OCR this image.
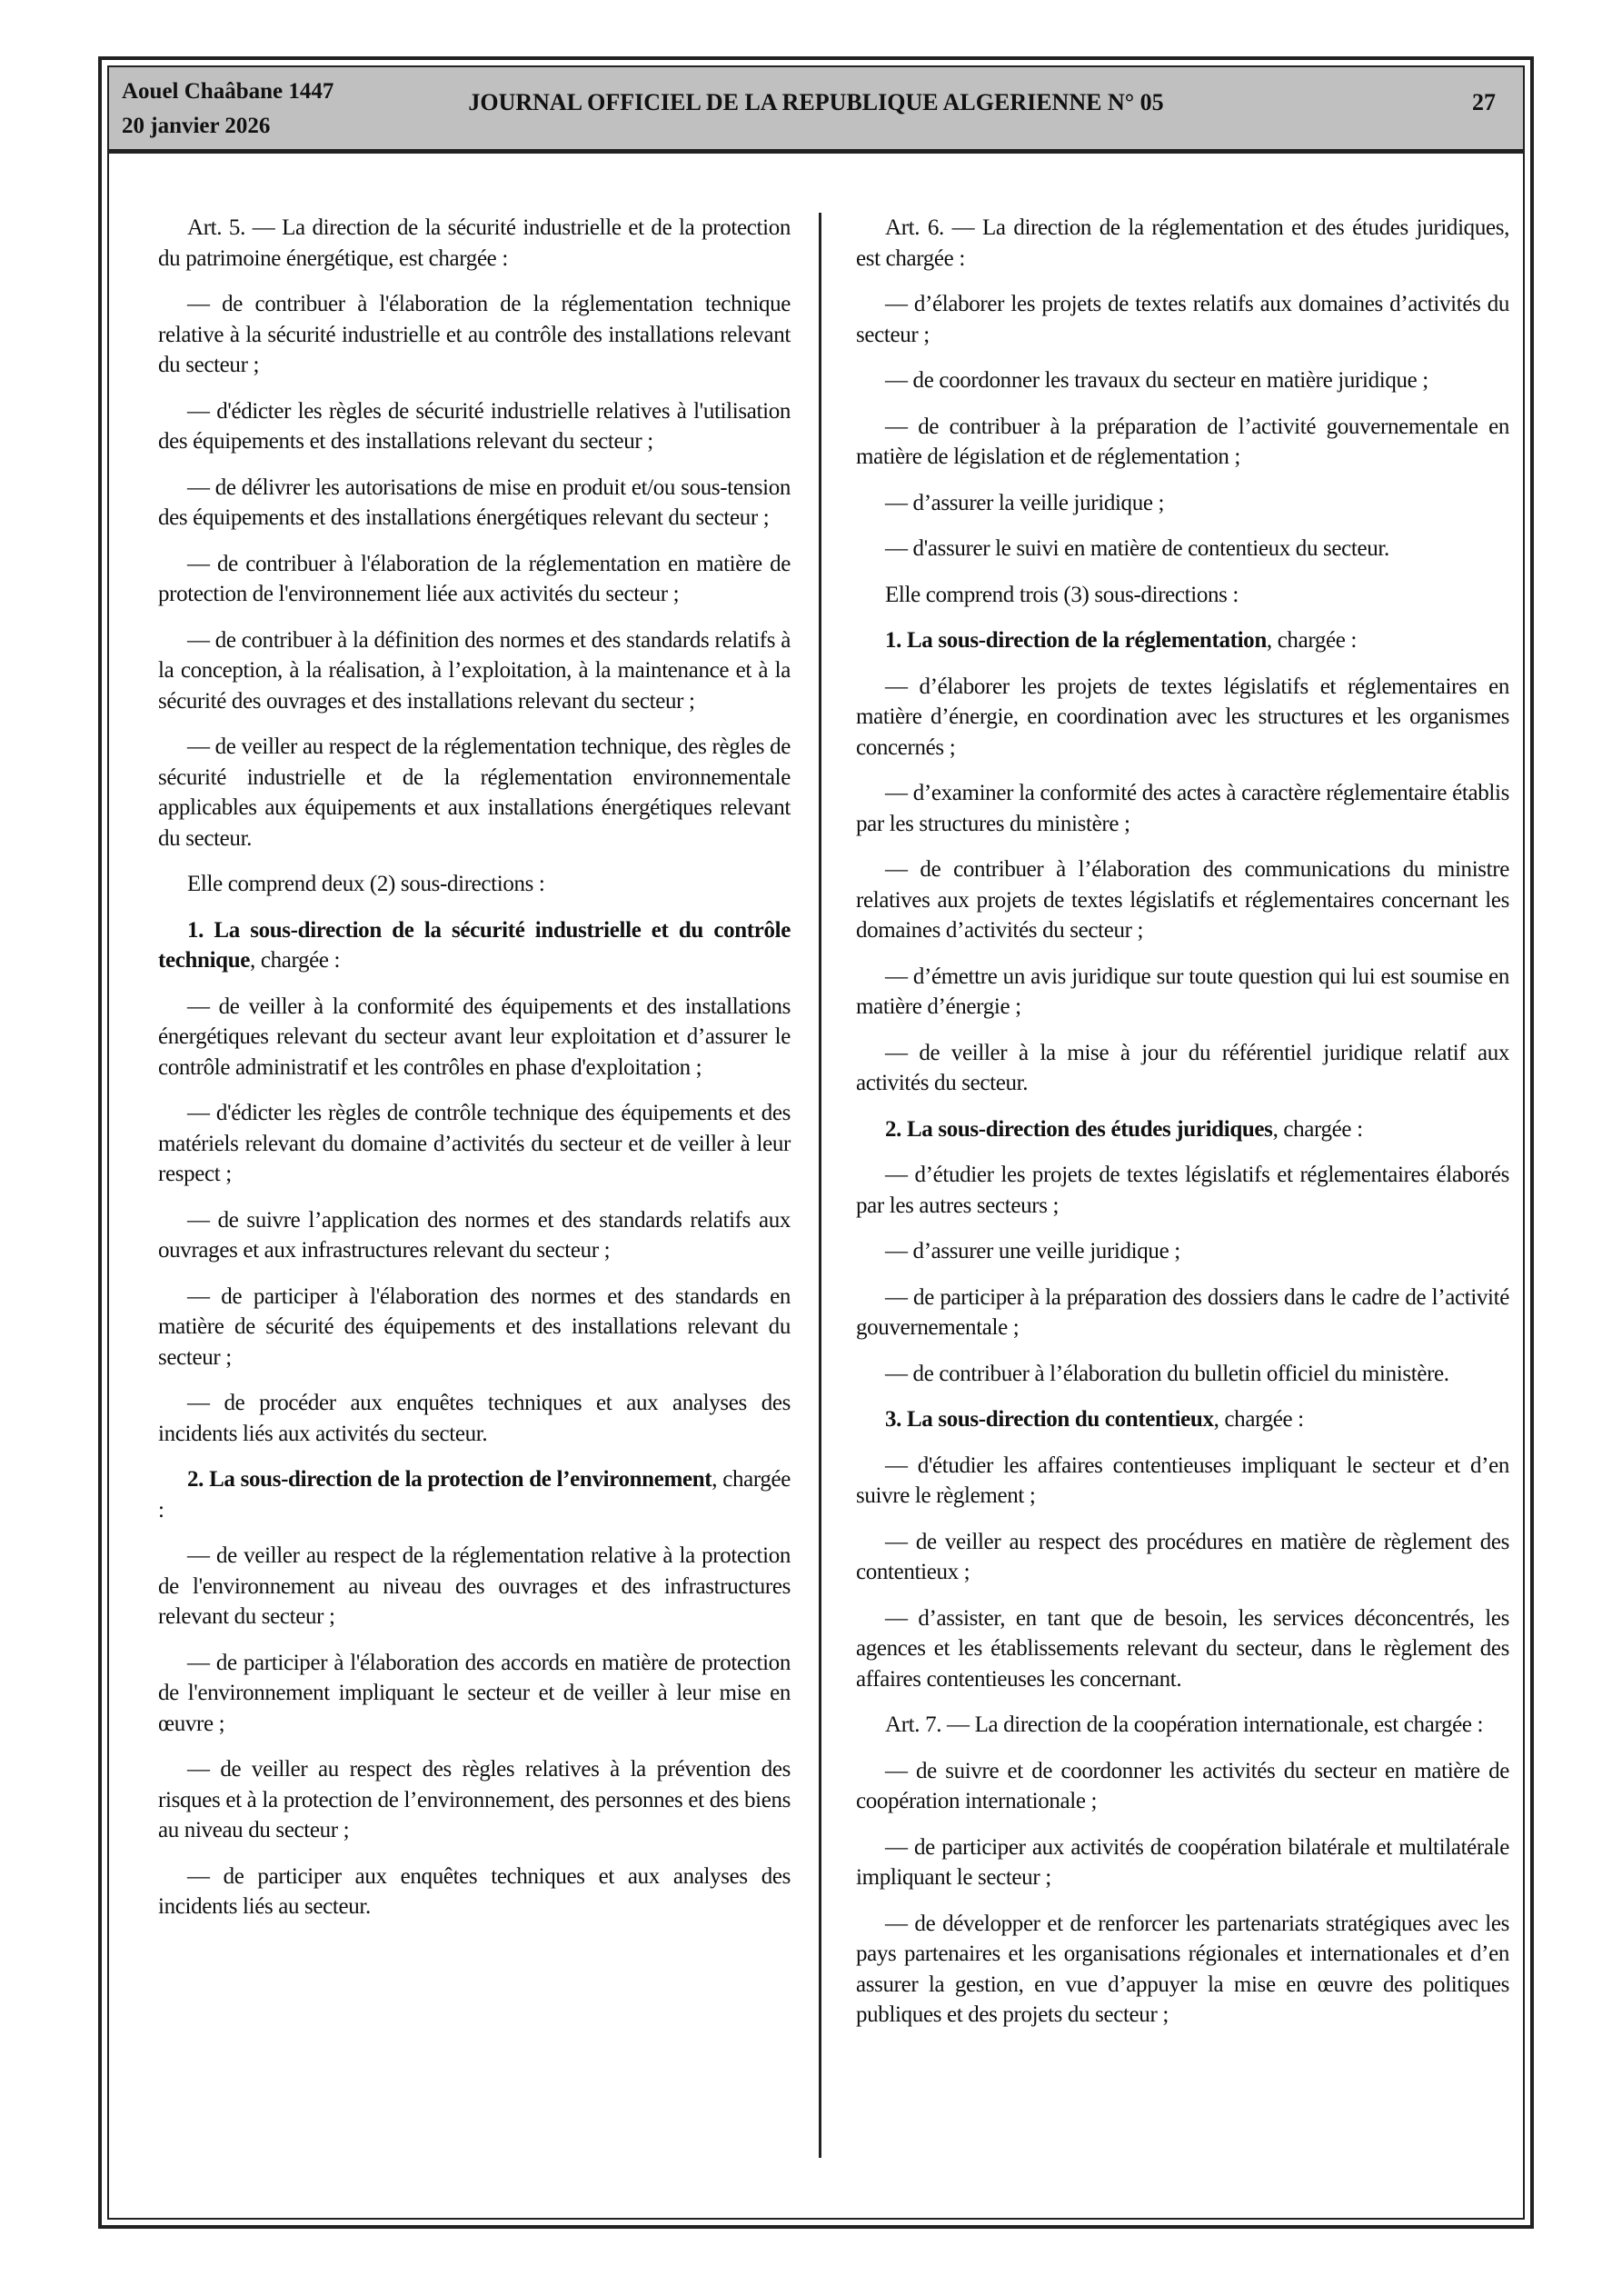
Aouel Chaâbane 1447
20 janvier 2026
JOURNAL OFFICIEL DE LA REPUBLIQUE ALGERIENNE N° 05	27

Art. 5. — La direction de la sécurité industrielle et de la protection du patrimoine énergétique, est chargée :

— de contribuer à l'élaboration de la réglementation technique relative à la sécurité industrielle et au contrôle des installations relevant du secteur ;

— d'édicter les règles de sécurité industrielle relatives à l'utilisation des équipements et des installations relevant du secteur ;

— de délivrer les autorisations de mise en produit et/ou sous-tension des équipements et des installations énergétiques relevant du secteur ;

— de contribuer à l'élaboration de la réglementation en matière de protection de l'environnement liée aux activités du secteur ;

— de contribuer à la définition des normes et des standards relatifs à la conception, à la réalisation, à l’exploitation, à la maintenance et à la sécurité des ouvrages et des installations relevant du secteur ;

— de veiller au respect de la réglementation technique, des règles de sécurité industrielle et de la réglementation environnementale applicables aux équipements et aux installations énergétiques relevant du secteur.

Elle comprend deux (2) sous-directions :

1. La sous-direction de la sécurité industrielle et du contrôle technique, chargée :

— de veiller à la conformité des équipements et des installations énergétiques relevant du secteur avant leur exploitation et d’assurer le contrôle administratif et les contrôles en phase d'exploitation ;

— d'édicter les règles de contrôle technique des équipements et des matériels relevant du domaine d’activités du secteur et de veiller à leur respect ;

— de suivre l’application des normes et des standards relatifs aux ouvrages et aux infrastructures relevant du secteur ;

— de participer à l'élaboration des normes et des standards en matière de sécurité des équipements et des installations relevant du secteur ;

— de procéder aux enquêtes techniques et aux analyses des incidents liés aux activités du secteur.

2. La sous-direction de la protection de l’environnement, chargée :

— de veiller au respect de la réglementation relative à la protection de l'environnement au niveau des ouvrages et des infrastructures relevant du secteur ;

— de participer à l'élaboration des accords en matière de protection de l'environnement impliquant le secteur et de veiller à leur mise en œuvre ;

— de veiller au respect des règles relatives à la prévention des risques et à la protection de l’environnement, des personnes et des biens au niveau du secteur ;

— de participer aux enquêtes techniques et aux analyses des incidents liés au secteur.

Art. 6. — La direction de la réglementation et des études juridiques, est chargée :

— d’élaborer les projets de textes relatifs aux domaines d’activités du secteur ;

— de coordonner les travaux du secteur en matière juridique ;

— de contribuer à la préparation de l’activité gouvernementale en matière de législation et de réglementation ;

— d’assurer la veille juridique ;

— d'assurer le suivi en matière de contentieux du secteur.

Elle comprend trois (3) sous-directions :

1. La sous-direction de la réglementation, chargée :

— d’élaborer les projets de textes législatifs et réglementaires en matière d’énergie, en coordination avec les structures et les organismes concernés ;

— d’examiner la conformité des actes à caractère réglementaire établis par les structures du ministère ;

— de contribuer à l’élaboration des communications du ministre relatives aux projets de textes législatifs et réglementaires concernant les domaines d’activités du secteur ;

— d’émettre un avis juridique sur toute question qui lui est soumise en matière d’énergie ;

— de veiller à la mise à jour du référentiel juridique relatif aux activités du secteur.

2. La sous-direction des études juridiques, chargée :

— d’étudier les projets de textes législatifs et réglementaires élaborés par les autres secteurs ;

— d’assurer une veille juridique ;

— de participer à la préparation des dossiers dans le cadre de l’activité gouvernementale ;

— de contribuer à l’élaboration du bulletin officiel du ministère.

3. La sous-direction du contentieux, chargée :

— d'étudier les affaires contentieuses impliquant le secteur et d’en suivre le règlement ;

— de veiller au respect des procédures en matière de règlement des contentieux ;

— d’assister, en tant que de besoin, les services déconcentrés, les agences et les établissements relevant du secteur, dans le règlement des affaires contentieuses les concernant.

Art. 7. — La direction de la coopération internationale, est chargée :

— de suivre et de coordonner les activités du secteur en matière de coopération internationale ;

— de participer aux activités de coopération bilatérale et multilatérale impliquant le secteur ;

— de développer et de renforcer les partenariats stratégiques avec les pays partenaires et les organisations régionales et internationales et d’en assurer la gestion, en vue d’appuyer la mise en œuvre des politiques publiques et des projets du secteur ;
